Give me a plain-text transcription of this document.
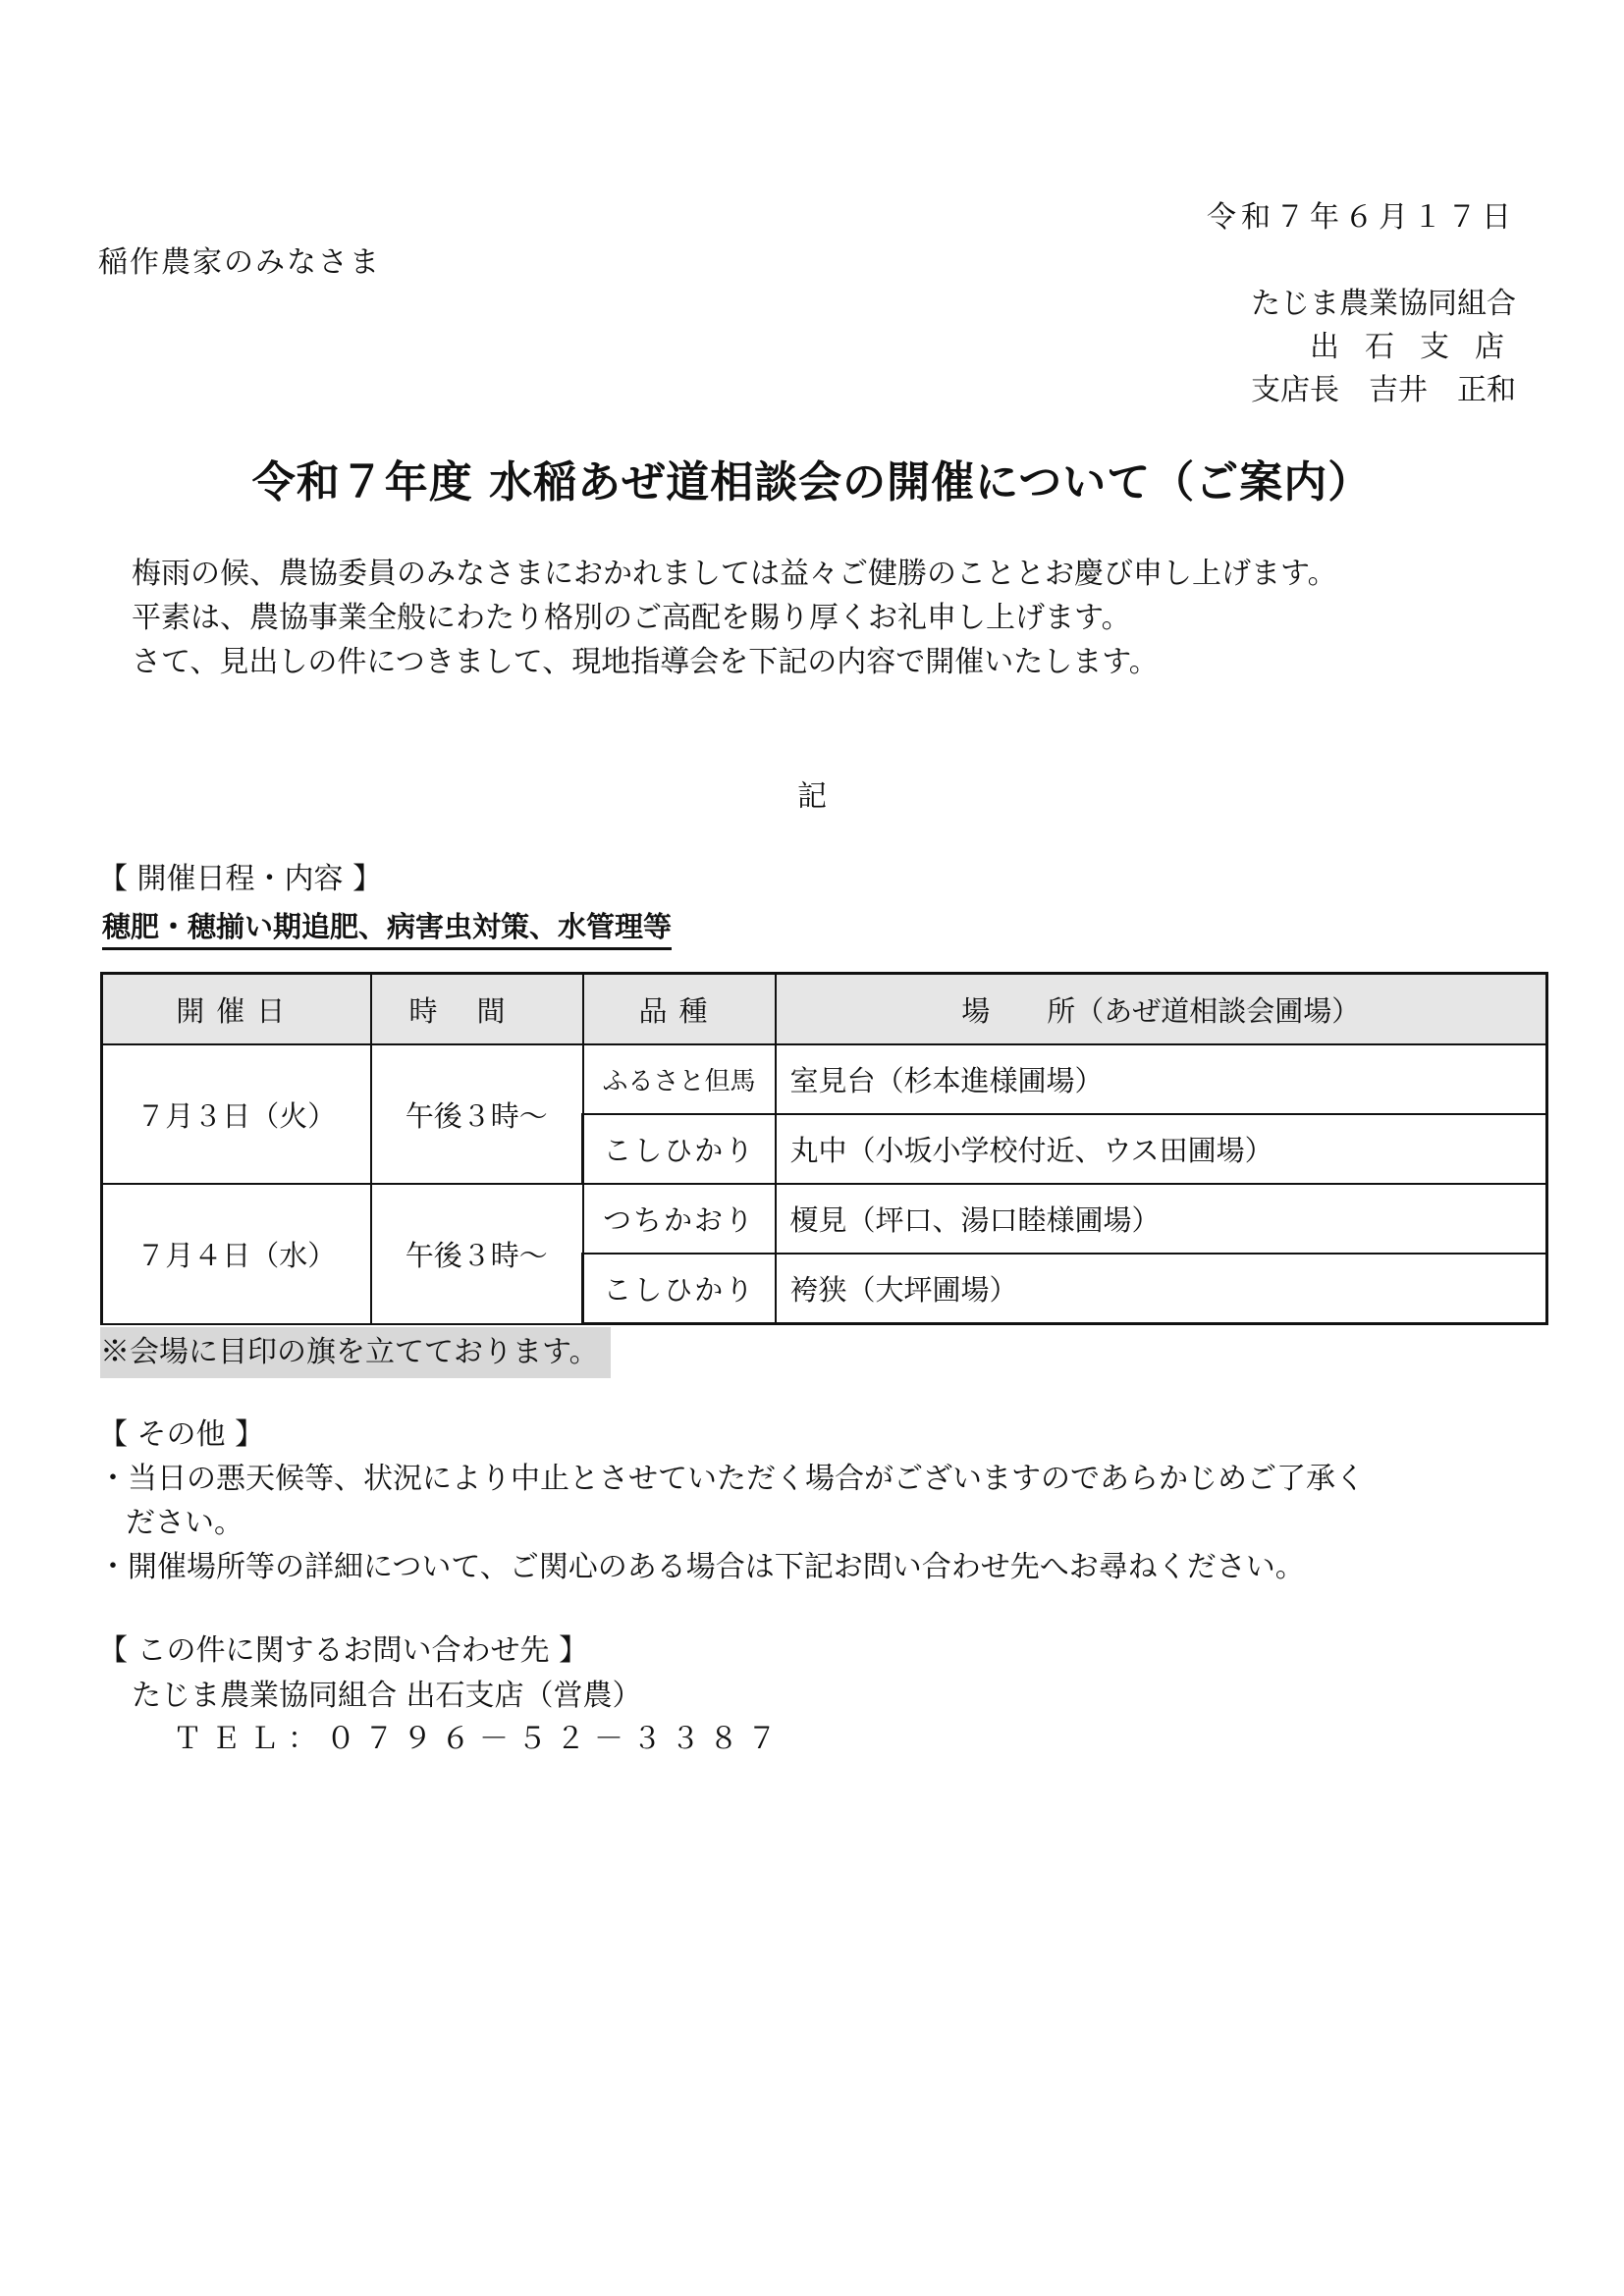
令和７年６月１７日
稲作農家のみなさま
たじま農業協同組合
出石支店
支店長　吉井　正和
令和７年度 水稲あぜ道相談会の開催について（ご案内）

梅雨の候、農協委員のみなさまにおかれましては益々ご健勝のこととお慶び申し上げます。

平素は、農協事業全般にわたり格別のご高配を賜り厚くお礼申し上げます。

さて、見出しの件につきまして、現地指導会を下記の内容で開催いたします。

記
【 開催日程・内容 】
穂肥・穂揃い期追肥、病害虫対策、水管理等
開催日	時間	品種	場 所（あぜ道相談会圃場）
７月３日（火）	午後３時～	ふるさと但馬	室見台（杉本進様圃場）
		こしひかり	丸中（小坂小学校付近、ウス田圃場）
７月４日（水）	午後３時～	つちかおり	榎見（坪口、湯口睦様圃場）
		こしひかり	袴狭（大坪圃場）
※会場に目印の旗を立てております。
【 その他 】
・当日の悪天候等、状況により中止とさせていただく場合がございますのであらかじめご了承く
ださい。
・開催場所等の詳細について、ご関心のある場合は下記お問い合わせ先へお尋ねください。
【 この件に関するお問い合わせ先 】
たじま農業協同組合 出石支店（営農）
ＴＥＬ：０７９６－５２－３３８７
